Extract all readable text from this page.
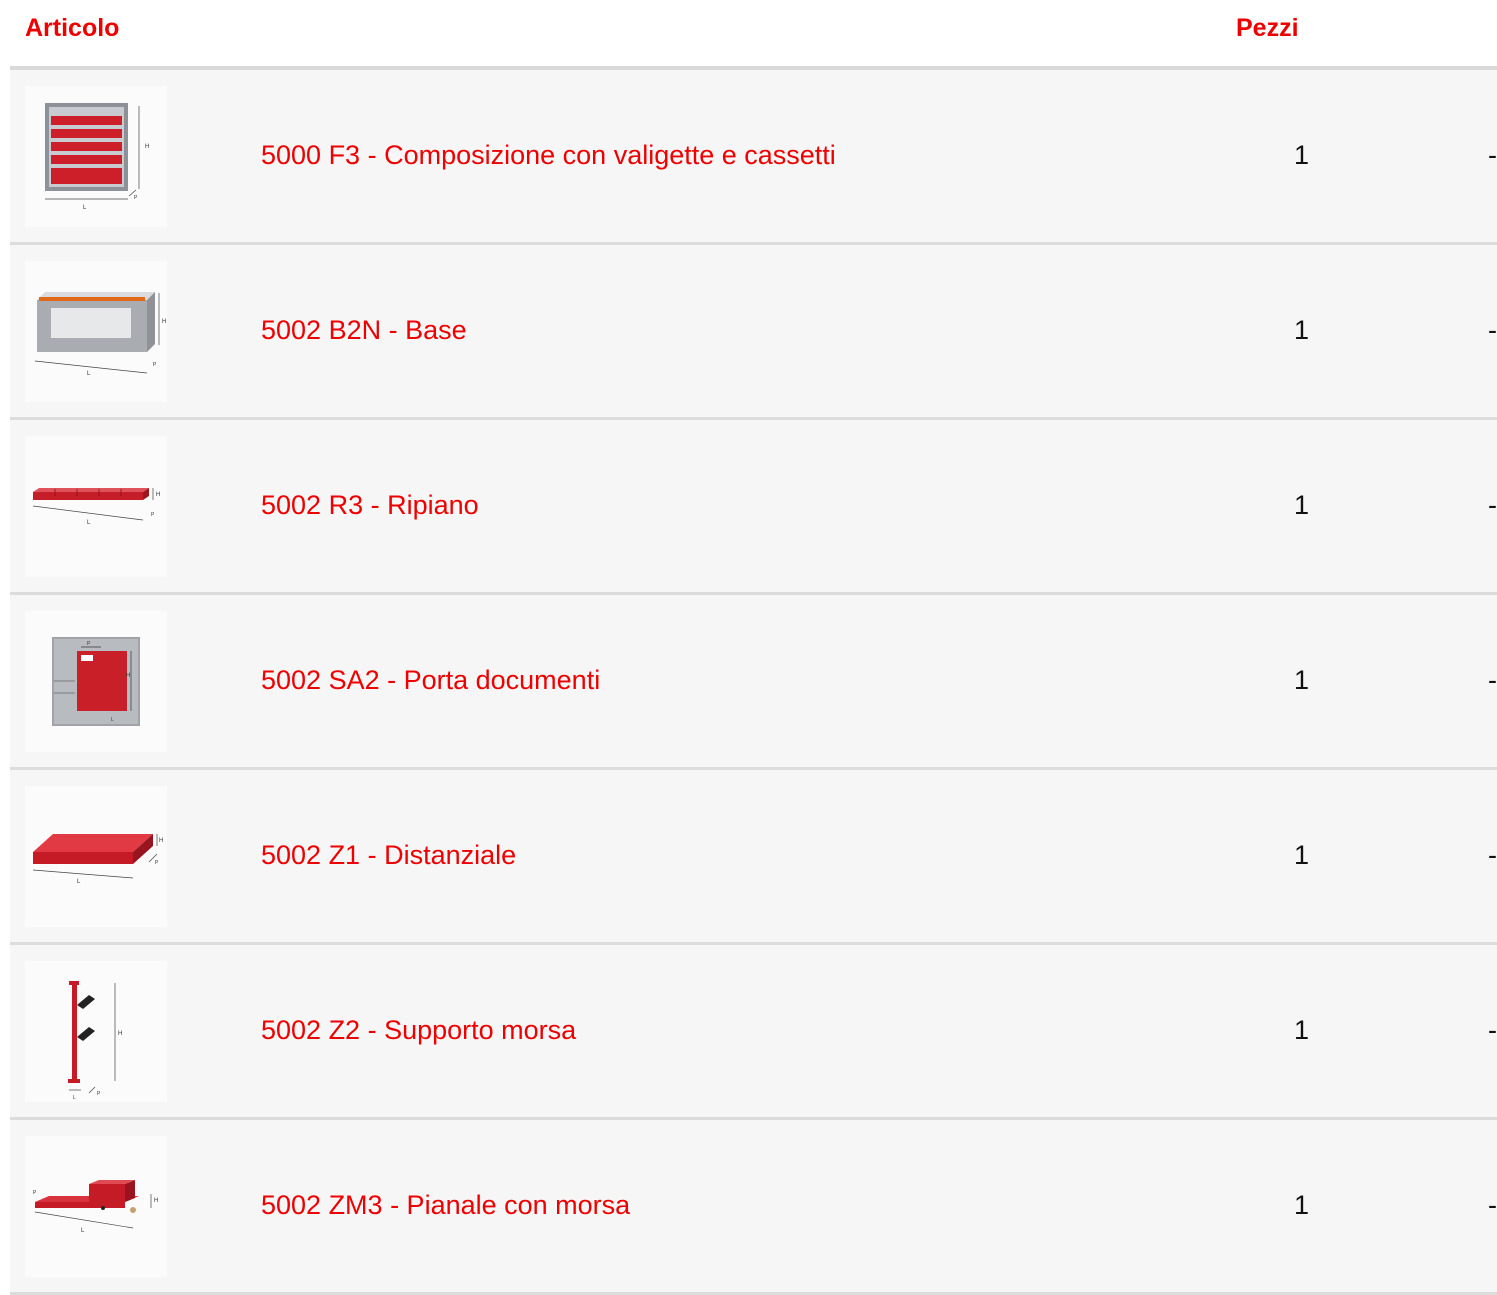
Articolo	Pezzi
H
L
P
5000 F3 - Composizione con valigette e cassetti	1	-
H
L
P
5002 B2N - Base	1	-
H
L
P	5002 R3 - Ripiano	1	-
P
H
L
5002 SA2 - Porta documenti	1	-
H
L
P	5002 Z1 - Distanziale	1	-
H
L
P
5002 Z2 - Supporto morsa	1	-
H
L
P	5002 ZM3 - Pianale con morsa	1	-
